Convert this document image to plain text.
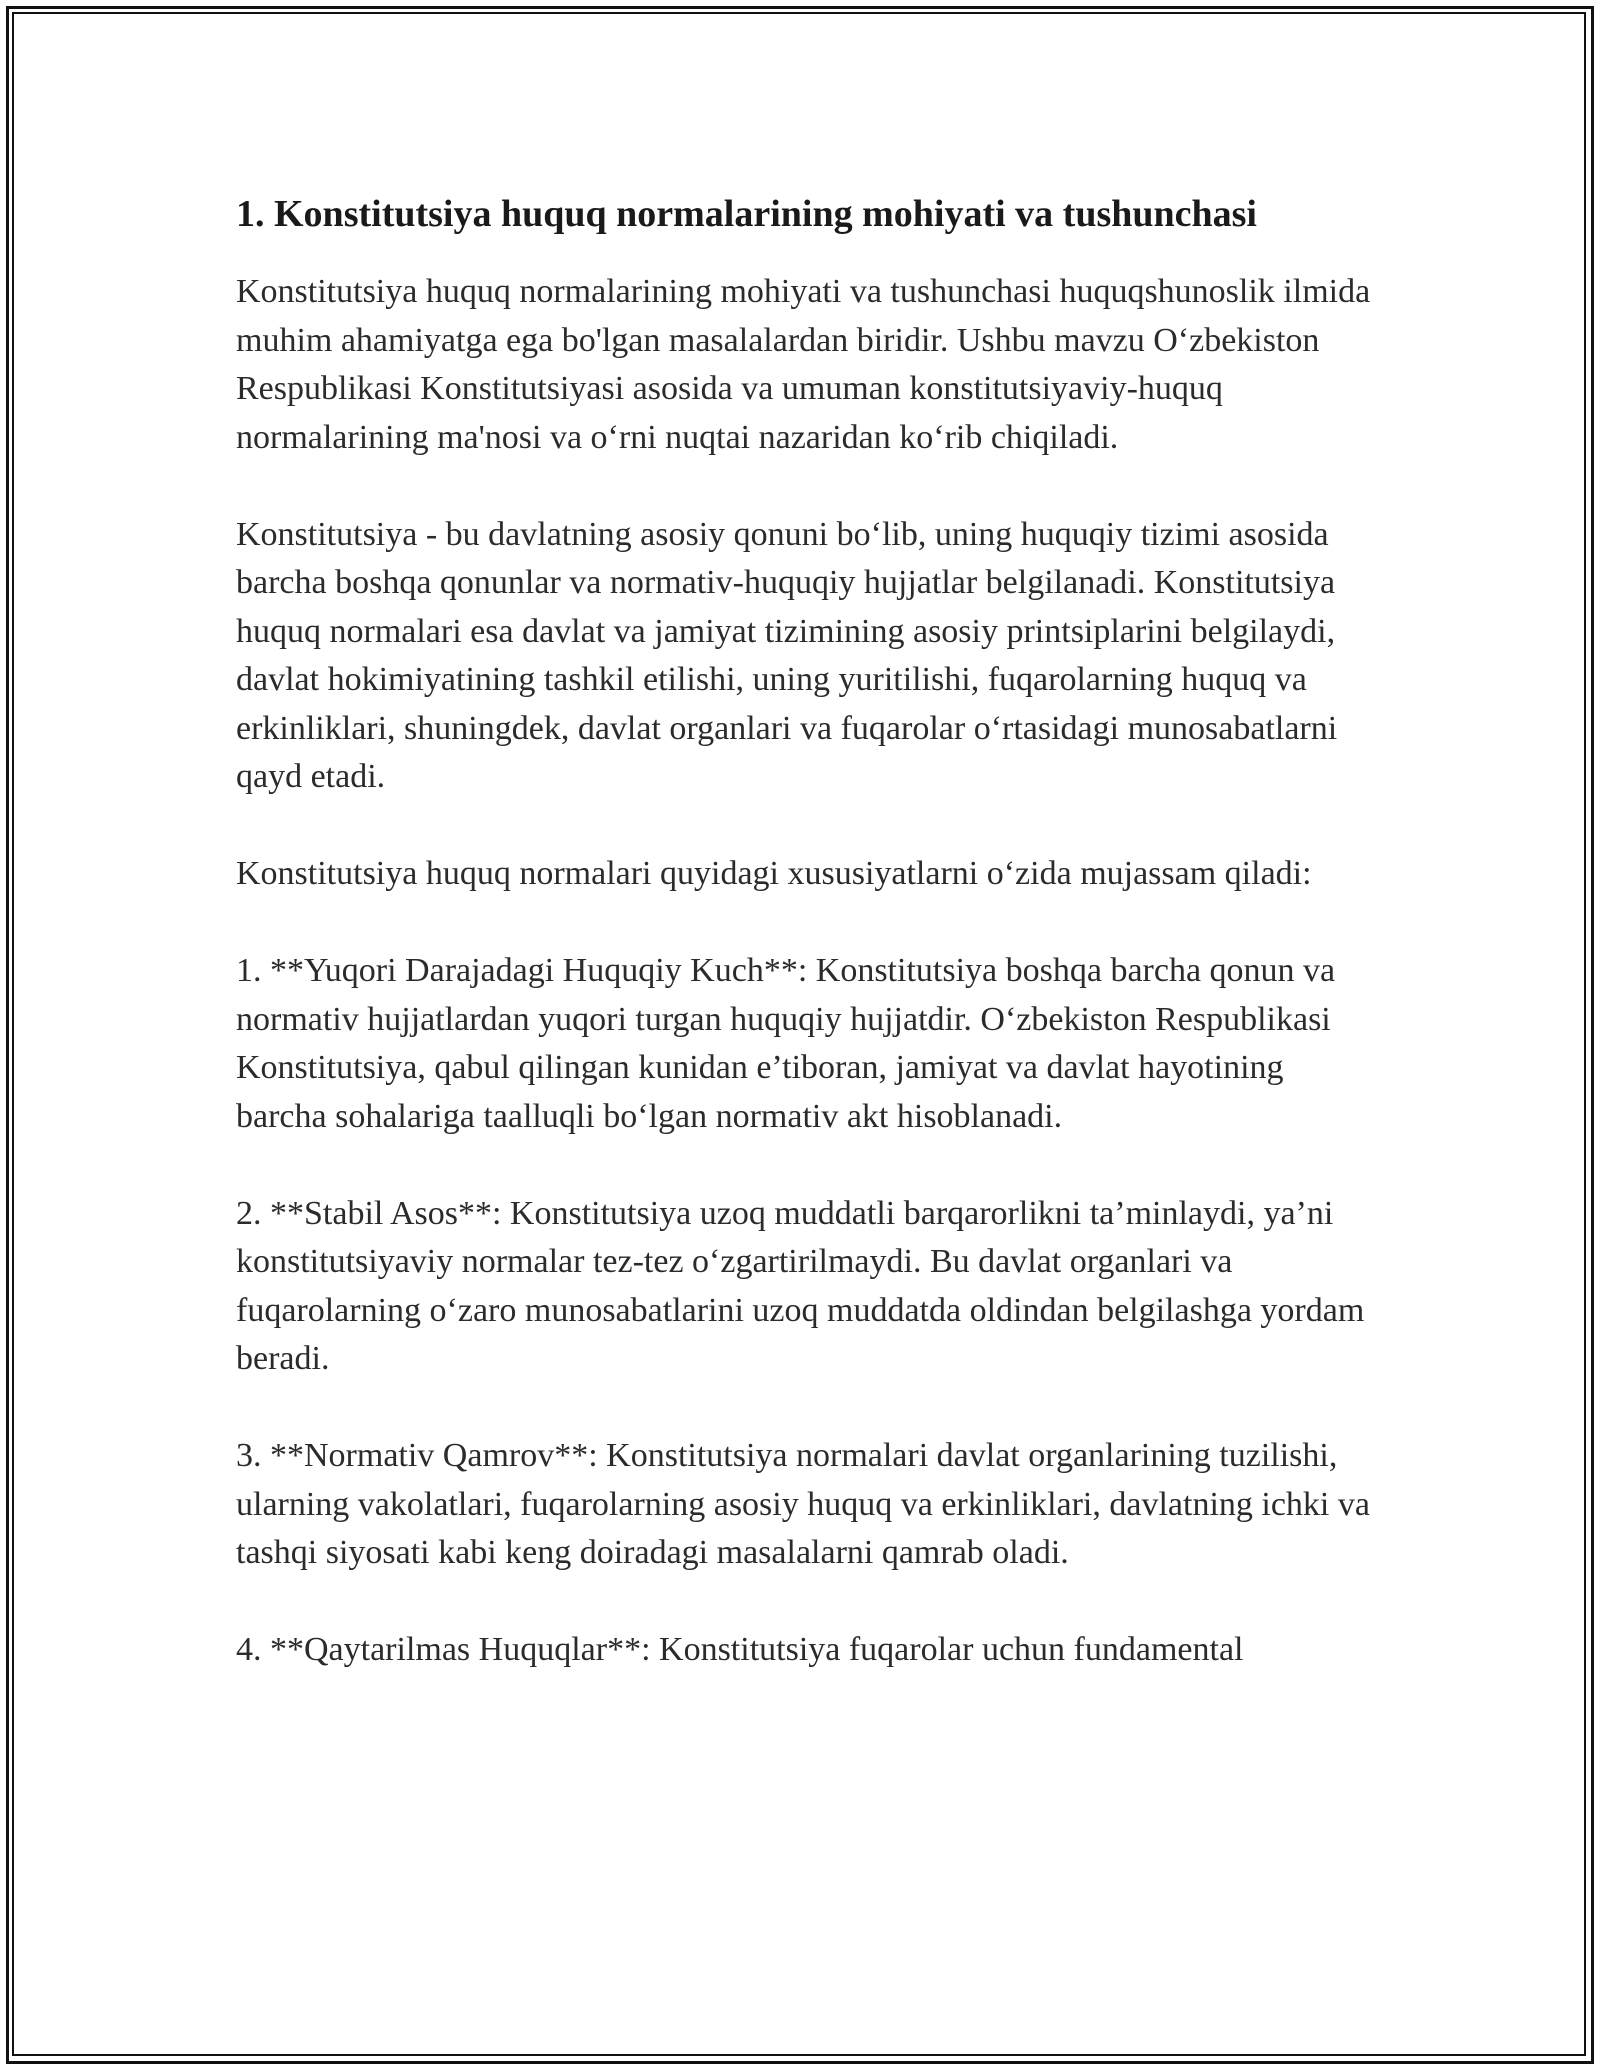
1. Konstitutsiya huquq normalarining mohiyati va tushunchasi

Konstitutsiya huquq normalarining mohiyati va tushunchasi huquqshunoslik ilmida muhim ahamiyatga ega bo'lgan masalalardan biridir. Ushbu mavzu O‘zbekiston Respublikasi Konstitutsiyasi asosida va umuman konstitutsiyaviy-huquq normalarining ma'nosi va o‘rni nuqtai nazaridan ko‘rib chiqiladi.

Konstitutsiya - bu davlatning asosiy qonuni bo‘lib, uning huquqiy tizimi asosida barcha boshqa qonunlar va normativ-huquqiy hujjatlar belgilanadi. Konstitutsiya huquq normalari esa davlat va jamiyat tizimining asosiy printsiplarini belgilaydi, davlat hokimiyatining tashkil etilishi, uning yuritilishi, fuqarolarning huquq va erkinliklari, shuningdek, davlat organlari va fuqarolar o‘rtasidagi munosabatlarni qayd etadi.

Konstitutsiya huquq normalari quyidagi xususiyatlarni o‘zida mujassam qiladi:

1. **Yuqori Darajadagi Huquqiy Kuch**: Konstitutsiya boshqa barcha qonun va normativ hujjatlardan yuqori turgan huquqiy hujjatdir. O‘zbekiston Respublikasi Konstitutsiya, qabul qilingan kunidan e’tiboran, jamiyat va davlat hayotining barcha sohalariga taalluqli bo‘lgan normativ akt hisoblanadi.

2. **Stabil Asos**: Konstitutsiya uzoq muddatli barqarorlikni ta’minlaydi, ya’ni konstitutsiyaviy normalar tez-tez o‘zgartirilmaydi. Bu davlat organlari va fuqarolarning o‘zaro munosabatlarini uzoq muddatda oldindan belgilashga yordam beradi.

3. **Normativ Qamrov**: Konstitutsiya normalari davlat organlarining tuzilishi, ularning vakolatlari, fuqarolarning asosiy huquq va erkinliklari, davlatning ichki va tashqi siyosati kabi keng doiradagi masalalarni qamrab oladi.

4. **Qaytarilmas Huquqlar**: Konstitutsiya fuqarolar uchun fundamental
